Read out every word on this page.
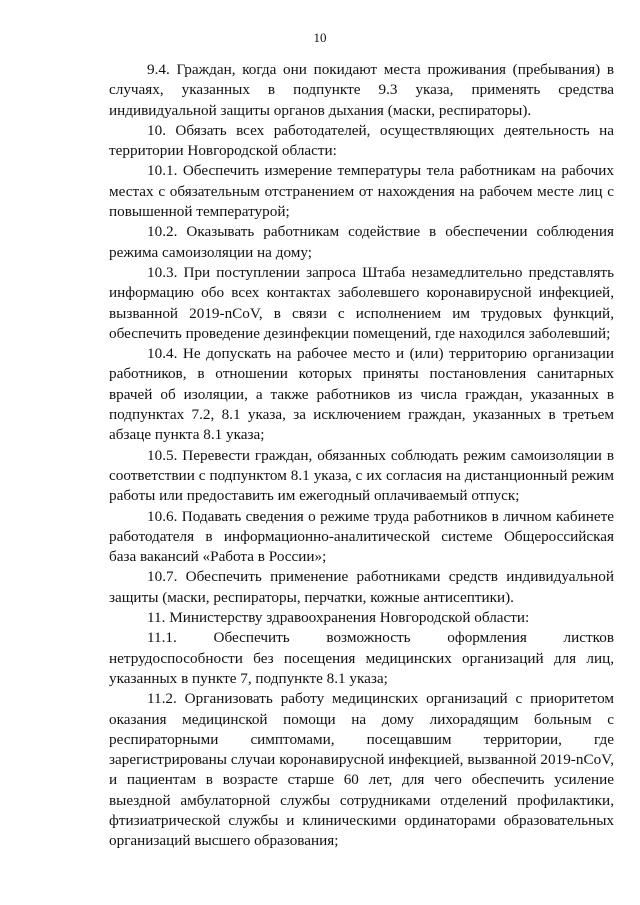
10

9.4. Граждан, когда они покидают места проживания (пребывания) в случаях, указанных в подпункте 9.3 указа, применять средства индивидуальной защиты органов дыхания (маски, респираторы).

10. Обязать всех работодателей, осуществляющих деятельность на территории Новгородской области:

10.1. Обеспечить измерение температуры тела работникам на рабочих местах с обязательным отстранением от нахождения на рабочем месте лиц с повышенной температурой;

10.2. Оказывать работникам содействие в обеспечении соблюдения режима самоизоляции на дому;

10.3. При поступлении запроса Штаба незамедлительно представлять информацию обо всех контактах заболевшего коронавирусной инфекцией, вызванной 2019-nCoV, в связи с исполнением им трудовых функций, обеспечить проведение дезинфекции помещений, где находился заболевший;

10.4. Не допускать на рабочее место и (или) территорию организации работников, в отношении которых приняты постановления санитарных врачей об изоляции, а также работников из числа граждан, указанных в подпунктах 7.2, 8.1 указа, за исключением граждан, указанных в третьем абзаце пункта 8.1 указа;

10.5. Перевести граждан, обязанных соблюдать режим самоизоляции в соответствии с подпунктом 8.1 указа, с их согласия на дистанционный режим работы или предоставить им ежегодный оплачиваемый отпуск;

10.6. Подавать сведения о режиме труда работников в личном кабинете работодателя в информационно-аналитической системе Общероссийская база вакансий «Работа в России»;

10.7. Обеспечить применение работниками средств индивидуальной защиты (маски, респираторы, перчатки, кожные антисептики).

11. Министерству здравоохранения Новгородской области:

11.1. Обеспечить возможность оформления листков нетрудоспособности без посещения медицинских организаций для лиц, указанных в пункте 7, подпункте 8.1 указа;

11.2. Организовать работу медицинских организаций с приоритетом оказания медицинской помощи на дому лихорадящим больным с респираторными симптомами, посещавшим территории, где зарегистрированы случаи коронавирусной инфекцией, вызванной 2019-nCoV, и пациентам в возрасте старше 60 лет, для чего обеспечить усиление выездной амбулаторной службы сотрудниками отделений профилактики, фтизиатрической службы и клиническими ординаторами образовательных организаций высшего образования;
